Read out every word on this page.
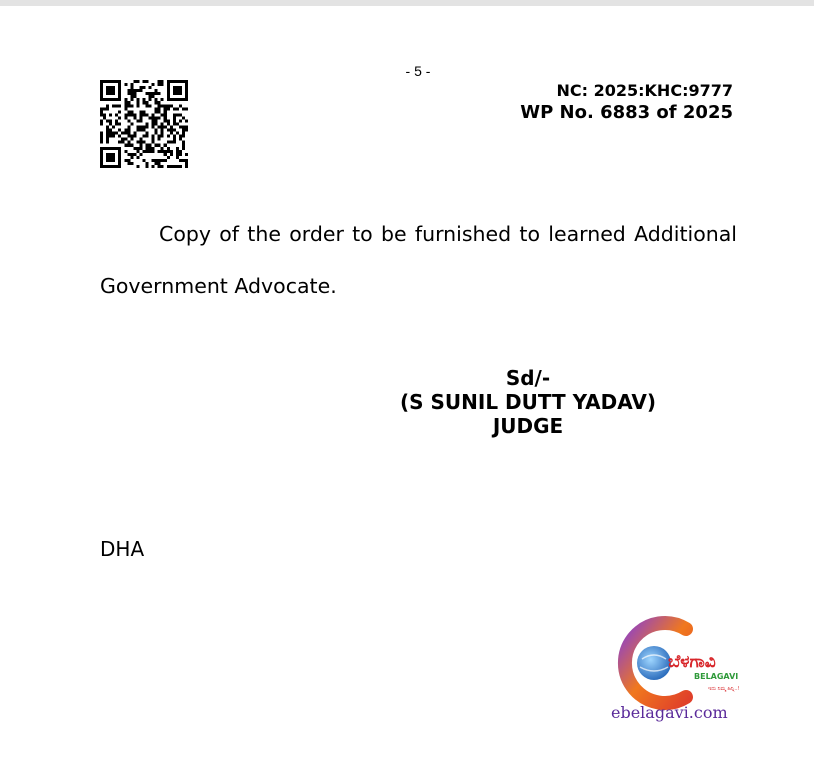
- 5 -
NC: 2025:KHC:9777
WP No. 6883 of 2025

Copy of the order to be furnished to learned Additional Government Advocate.

Sd/-
(S SUNIL DUTT YADAV)
JUDGE
DHA
ಬೆಳಗಾವಿ
BELAGAVI
ಇದು ನಿಮ್ಮ ಹಿನ್ನಿ..!
ebelagavi.com
